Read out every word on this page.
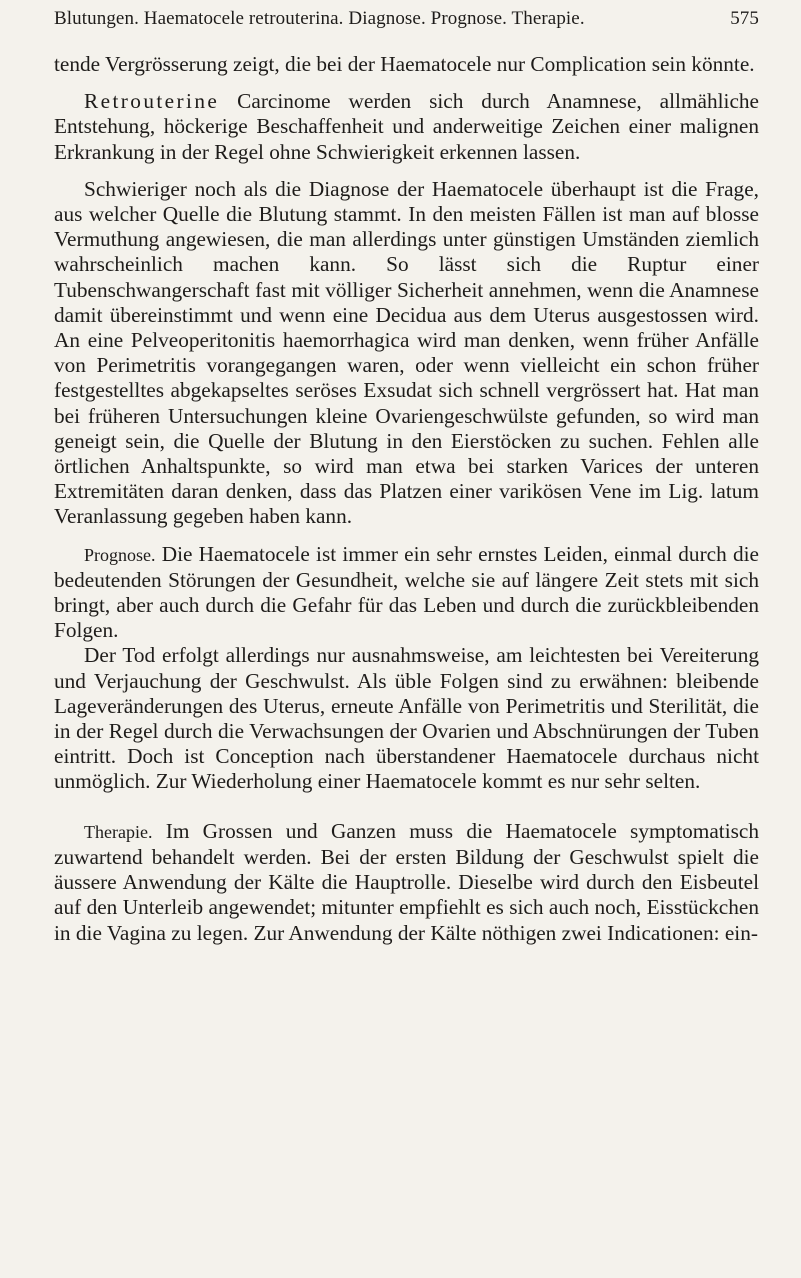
Blutungen. Haematocele retrouterina. Diagnose. Prognose. Therapie.	575

tende Vergrösserung zeigt, die bei der Haematocele nur Complication sein könnte.

Retrouterine Carcinome werden sich durch Anamnese, allmähliche Entstehung, höckerige Beschaffenheit und anderweitige Zeichen einer malignen Erkrankung in der Regel ohne Schwierigkeit erkennen lassen.

Schwieriger noch als die Diagnose der Haematocele überhaupt ist die Frage, aus welcher Quelle die Blutung stammt. In den meisten Fällen ist man auf blosse Vermuthung angewiesen, die man allerdings unter günstigen Umständen ziemlich wahrscheinlich machen kann. So lässt sich die Ruptur einer Tubenschwangerschaft fast mit völliger Sicherheit annehmen, wenn die Anamnese damit übereinstimmt und wenn eine Decidua aus dem Uterus ausgestossen wird. An eine Pelveoperitonitis haemorrhagica wird man denken, wenn früher Anfälle von Perimetritis vorangegangen waren, oder wenn vielleicht ein schon früher festgestelltes abgekapseltes seröses Exsudat sich schnell vergrössert hat. Hat man bei früheren Untersuchungen kleine Ovariengeschwülste gefunden, so wird man geneigt sein, die Quelle der Blutung in den Eierstöcken zu suchen. Fehlen alle örtlichen Anhaltspunkte, so wird man etwa bei starken Varices der unteren Extremitäten daran denken, dass das Platzen einer varikösen Vene im Lig. latum Veranlassung gegeben haben kann.

Prognose. Die Haematocele ist immer ein sehr ernstes Leiden, einmal durch die bedeutenden Störungen der Gesundheit, welche sie auf längere Zeit stets mit sich bringt, aber auch durch die Gefahr für das Leben und durch die zurückbleibenden Folgen.

Der Tod erfolgt allerdings nur ausnahmsweise, am leichtesten bei Vereiterung und Verjauchung der Geschwulst. Als üble Folgen sind zu erwähnen: bleibende Lageveränderungen des Uterus, erneute Anfälle von Perimetritis und Sterilität, die in der Regel durch die Verwachsungen der Ovarien und Abschnürungen der Tuben eintritt. Doch ist Conception nach überstandener Haematocele durchaus nicht unmöglich. Zur Wiederholung einer Haematocele kommt es nur sehr selten.

Therapie. Im Grossen und Ganzen muss die Haematocele symptomatisch zuwartend behandelt werden. Bei der ersten Bildung der Geschwulst spielt die äussere Anwendung der Kälte die Hauptrolle. Dieselbe wird durch den Eisbeutel auf den Unterleib angewendet; mitunter empfiehlt es sich auch noch, Eisstückchen in die Vagina zu legen. Zur Anwendung der Kälte nöthigen zwei Indicationen: ein-
